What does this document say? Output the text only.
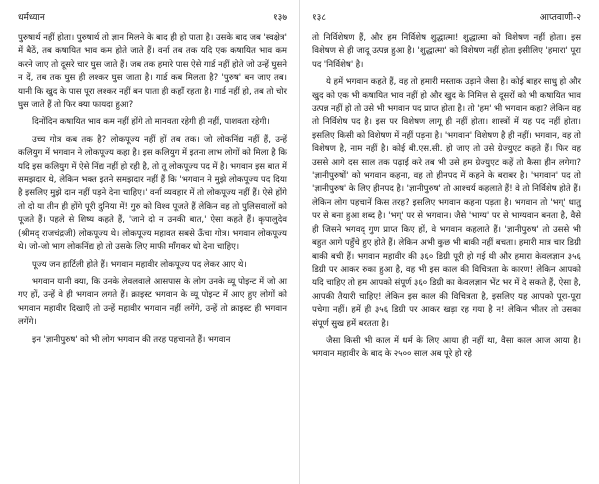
धर्मध्यान	१३७

पुरुषार्थ नहीं होता। पुरुषार्थ तो ज्ञान मिलने के बाद ही हो पाता है। उसके बाद जब 'स्वक्षेत्र' में बैठें, तब कषायित भाव कम होते जाते हैं। वर्ना तब तक यदि एक कषायित भाव कम करने जाए तो दूसरे चार घुस जाते हैं। जब तक हमारे पास ऐसे गार्ड नहीं होते जो उन्हें घुसने न दें, तब तक घुस ही लश्कर घुस जाता है। गार्ड कब मिलता है? 'पुरुष' बन जाए तब। यानी कि खुद के पास पूरा लश्कर नहीं बन पाता ही कहाँ रहता है। गार्ड नहीं हो, तब तो चोर घुस जाते हैं तो फिर क्या फायदा हुआ?

दिनोंदिन कषायित भाव कम नहीं होंगे तो मानवता रहेगी ही नहीं, पाशवता रहेगी।

उच्च गोत्र कब तक है? लोकपूज्य नहीं हों तब तक। जो लोकनिंद्य नहीं हैं, उन्हें कलियुग में भगवान ने लोकपूज्य कहा है। इस कलियुग में इतना लाभ लोगों को मिला है कि यदि इस कलियुग में ऐसे निंद्य नहीं हो रही है, तो तू लोकपूज्य पद में है। भगवान इस बात में समझदार थे, लेकिन भक्त इतने समझदार नहीं हैं कि 'भगवान ने मुझे लोकपूज्य पद दिया है इसलिए मुझे दान नहीं पड़ने देना चाहिए।' वर्ना व्यवहार में तो लोकपूज्य नहीं हैं। ऐसे होंगे तो दो या तीन ही होंगे पूरी दुनिया में! गुरु को विश्व पूजते हैं लेकिन वह तो पुलिसवालों को पूजते हैं। पहले से शिष्य कहते हैं, 'जाने दो न उनकी बात,' ऐसा कहते हैं। कृपालुदेव (श्रीमद् राजचंद्रजी) लोकपूज्य थे। लोकपूज्य महावत सबसे ऊँचा गोत्र। भगवान लोकपूज्य थे। जो-जो भाग लोकनिंद्य हो तो उसके लिए माफी माँगकर धो देना चाहिए।

पूज्य जन हार्टिली होते हैं। भगवान महावीर लोकपूज्य पद लेकर आए थे।

भगवान यानी क्या, कि उनके लेवलवाले आसपास के लोग उनके व्यू पोइन्ट में जो आ गए हों, उन्हें वे ही भगवान लगते हैं। क्राइस्ट भगवान के व्यू पोइन्ट में आए हुए लोगों को भगवान महावीर दिखाएँ तो उन्हें महावीर भगवान नहीं लगेंगे, उन्हें तो क्राइस्ट ही भगवान लगेंगे।

इन 'ज्ञानीपुरुष' को भी लोग भगवान की तरह पहचानते हैं। भगवान

१३८	आप्तवाणी-२

तो निर्विशेषण हैं, और हम निर्विशेष शुद्धात्मा! शुद्धात्मा को विशेषण नहीं होता। इस विशेषण से ही जादू उत्पन्न हुआ है। 'शुद्धात्मा' को विशेषण नहीं होता इसीलिए 'हमारा' पूरा पद 'निर्विशेष' है।

ये हमें भगवान कहते हैं, वह तो हमारी मस्ताक उड़ाने जैसा है। कोई बाहर साधु हो और खुद को एक भी कषायित भाव नहीं हो और खुद के निमित्त से दूसरों को भी कषायित भाव उत्पन्न नहीं हो तो उसे भी भगवान पद प्राप्त होता है। तो 'हम' भी भगवान कहा? लेकिन वह तो निर्विशेष पद है। इस पर विशेषण लागू ही नहीं होता। शास्त्रों में यह पद नहीं होता। इसलिए किसी को विशेषण में नहीं पड़ना है। 'भगवान' विशेषण है ही नहीं। भगवान, वह तो विशेषण है, नाम नहीं है। कोई बी.एस.सी. हो जाए तो उसे ग्रेज्युएट कहते हैं। फिर वह उससे आगे दस साल तक पढ़ाई करे तब भी उसे हम ग्रेज्युएट कहें तो कैसा हीन लगेगा? 'ज्ञानीपुरुषों' को भगवान कहना, वह तो हीनपद में कहने के बराबर है। 'भगवान' पद तो 'ज्ञानीपुरुष' के लिए हीनपद है। 'ज्ञानीपुरुष' तो आश्चर्य कहलाते हैं! वे तो निर्विशेष होते हैं। लेकिन लोग पहचानें किस तरह? इसलिए भगवान कहना पड़ता है। भगवान तो 'भग्' धातु पर से बना हुआ शब्द है। 'भग्' पर से भगवान। जैसे 'भाग्य' पर से भाग्यवान बनता है, वैसे ही जिसने भगवद् गुण प्राप्त किए हों, वे भगवान कहलाते हैं। 'ज्ञानीपुरुष' तो उससे भी बहुत आगे पहुँचे हुए होते हैं। लेकिन अभी कुछ भी बाकी नहीं बचता। हमारी मात्र चार डिग्री बाकी बची हैं। भगवान महावीर की ३६० डिग्री पूरी हो गई थी और हमारा केवलज्ञान ३५६ डिग्री पर आकर रुका हुआ है, वह भी इस काल की विचित्रता के कारण! लेकिन आपको यदि चाहिए तो हम आपको संपूर्ण ३६० डिग्री का केवलज्ञान भेंट भर में दे सकते हैं, ऐसा है, आपकी तैयारी चाहिए! लेकिन इस काल की विचित्रता है, इसलिए यह आपको पूरा-पूरा पचेगा नहीं। हमें ही ३५६ डिग्री पर आकर खड़ा रह गया है न! लेकिन भीतर तो उसका संपूर्ण सुख हमें बरतता है।

जैसा किसी भी काल में धर्म के लिए आया ही नहीं था, वैसा काल आज आया है। भगवान महावीर के बाद के २५०० साल अब पूरे हो रहे
